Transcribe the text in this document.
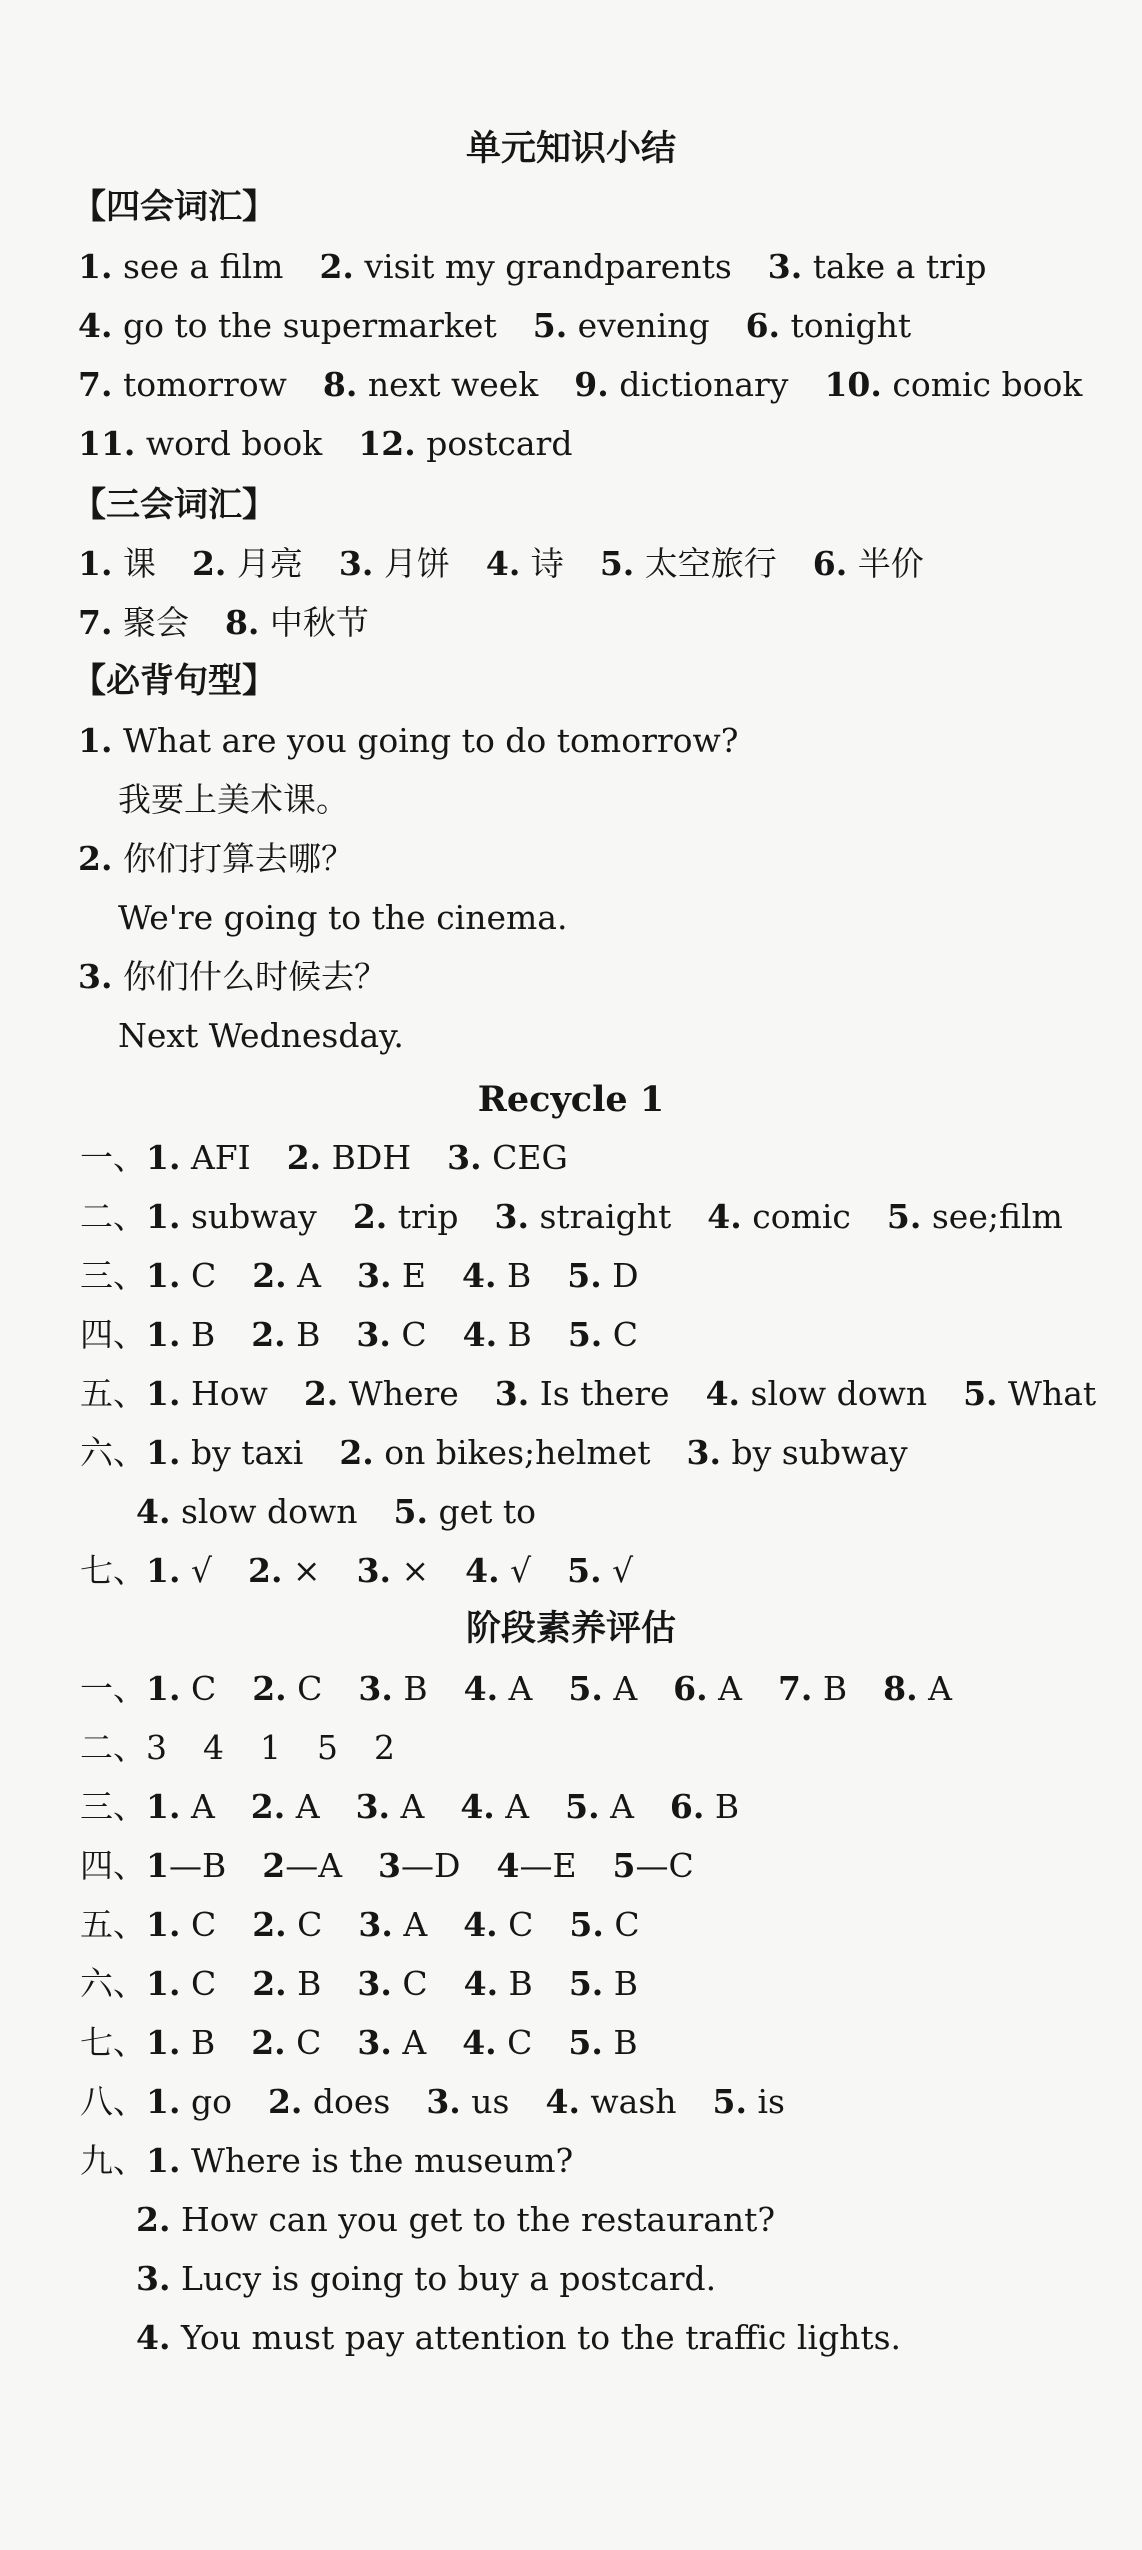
单元知识小结
【四会词汇】
1. see a film 2. visit my grandparents 3. take a trip
4. go to the supermarket 5. evening 6. tonight
7. tomorrow 8. next week 9. dictionary 10. comic book
11. word book 12. postcard
【三会词汇】
1. 课 2. 月亮 3. 月饼 4. 诗 5. 太空旅行 6. 半价
7. 聚会 8. 中秋节
【必背句型】
1. What are you going to do tomorrow?
我要上美术课。
2. 你们打算去哪？
We're going to the cinema.
3. 你们什么时候去？
Next Wednesday.
Recycle 1
一、1. AFI 2. BDH 3. CEG
二、1. subway 2. trip 3. straight 4. comic 5. see;film
三、1. C 2. A 3. E 4. B 5. D
四、1. B 2. B 3. C 4. B 5. C
五、1. How 2. Where 3. Is there 4. slow down 5. What
六、1. by taxi 2. on bikes;helmet 3. by subway
4. slow down 5. get to
七、1. √ 2. × 3. × 4. √ 5. √
阶段素养评估
一、1. C 2. C 3. B 4. A 5. A 6. A 7. B 8. A
二、3 4 1 5 2
三、1. A 2. A 3. A 4. A 5. A 6. B
四、1—B 2—A 3—D 4—E 5—C
五、1. C 2. C 3. A 4. C 5. C
六、1. C 2. B 3. C 4. B 5. B
七、1. B 2. C 3. A 4. C 5. B
八、1. go 2. does 3. us 4. wash 5. is
九、1. Where is the museum?
2. How can you get to the restaurant?
3. Lucy is going to buy a postcard.
4. You must pay attention to the traffic lights.
